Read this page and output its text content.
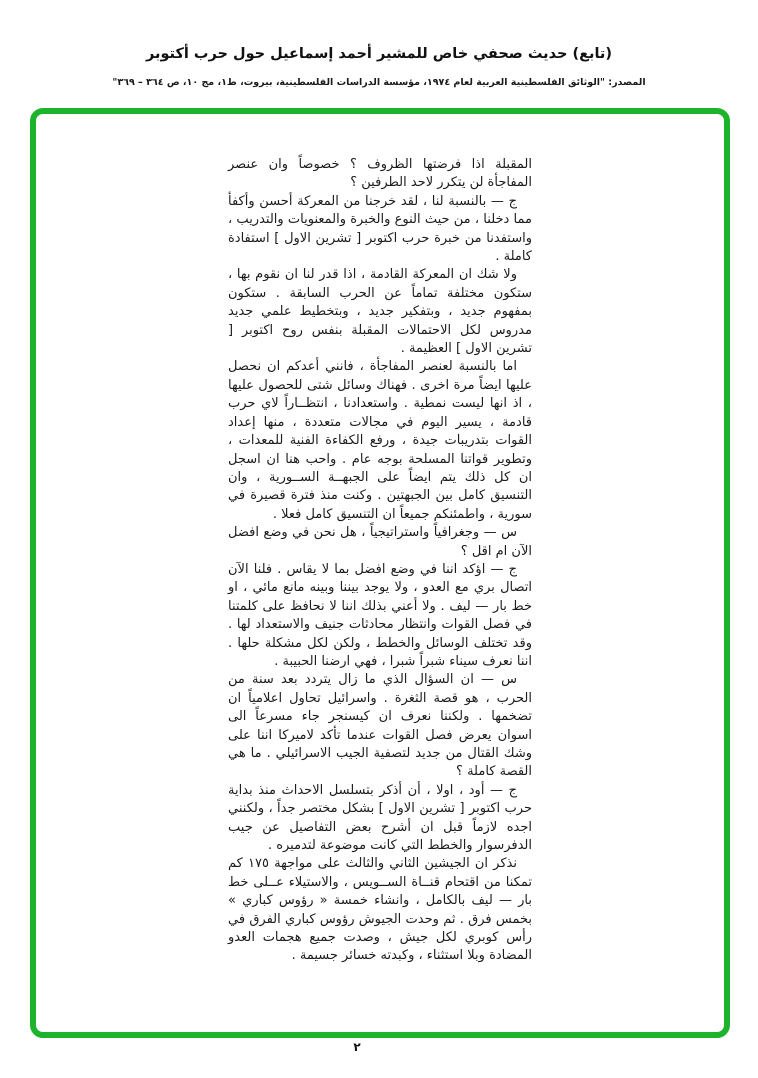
(تابع) حديث صحفي خاص للمشير أحمد إسماعيل حول حرب أكتوبر
المصدر: "الوثائق الفلسطينية العربية لعام ١٩٧٤، مؤسسة الدراسات الفلسطينية، بيروت، ط١، مج ١٠، ص ٣٦٤ – ٣٦٩"

المقبلة اذا فرضتها الظروف ؟ خصوصاً وان عنصر المفاجأة لن يتكرر لاحد الطرفين ؟

ج — بالنسبة لنا ، لقد خرجنا من المعركة أحسن وأكفأ مما دخلنا ، من حيث النوع والخبرة والمعنويات والتدريب ، واستفدنا من خبرة حرب اكتوبر [ تشرين الاول ] استفادة كاملة .

ولا شك ان المعركة القادمة ، اذا قدر لنا ان نقوم بها ، ستكون مختلفة تماماً عن الحرب السابقة . ستكون بمفهوم جديد ، وبتفكير جديد ، وبتخطيط علمي جديد مدروس لكل الاحتمالات المقبلة بنفس روح اكتوبر [ تشرين الاول ] العظيمة .

اما بالنسبة لعنصر المفاجأة ، فانني أعدكم ان نحصل عليها ايضاً مرة اخرى . فهناك وسائل شتى للحصول عليها ، اذ انها ليست نمطية . واستعدادنا ، انتظــاراً لاي حرب قادمة ، يسير اليوم في مجالات متعددة ، منها إعداد القوات بتدريبات جيدة ، ورفع الكفاءة الفنية للمعدات ، وتطوير قواتنا المسلحة بوجه عام . واحب هنا ان اسجل ان كل ذلك يتم ايضاً على الجبهــة الســورية ، وان التنسيق كامل بين الجبهتين . وكنت منذ فترة قصيرة في سورية ، واطمئنكم جميعاً ان التنسيق كامل فعلا .

س — وجغرافياً واستراتيجياً ، هل نحن في وضع افضل الآن ام اقل ؟

ج — اؤكد اننا في وضع افضل بما لا يقاس . فلنا الآن اتصال بري مع العدو ، ولا يوجد بيننا وبينه مانع مائي ، او خط بار — ليف . ولا أعني بذلك اننا لا نحافظ على كلمتنا في فصل القوات وانتظار محادثات جنيف والاستعداد لها . وقد تختلف الوسائل والخطط ، ولكن لكل مشكلة حلها . اننا نعرف سيناء شبراً شبرا ، فهي ارضنا الحبيبة .

س — ان السؤال الذي ما زال يتردد بعد سنة من الحرب ، هو قصة الثغرة . واسرائيل تحاول اعلامياً ان تضخمها . ولكننا نعرف ان كيسنجر جاء مسرعاً الى اسوان يعرض فصل القوات عندما تأكد لاميركا اننا على وشك القتال من جديد لتصفية الجيب الاسرائيلي . ما هي القصة كاملة ؟

ج — أود ، اولا ، أن أذكر بتسلسل الاحداث منذ بداية حرب اكتوبر [ تشرين الاول ] بشكل مختصر جداً ، ولكنني اجده لازماً قبل ان أشرح بعض التفاصيل عن جيب الدفرسوار والخطط التي كانت موضوعة لتدميره .

نذكر ان الجيشين الثاني والثالث على مواجهة ١٧٥ كم تمكنا من اقتحام قنــاة الســويس ، والاستيلاء عــلى خط بار — ليف بالكامل ، وانشاء خمسة « رؤوس كباري » بخمس فرق . ثم وحدت الجيوش رؤوس كباري الفرق في رأس كوبري لكل جيش ، وصدت جميع هجمات العدو المضادة وبلا استثناء ، وكبدته خسائر جسيمة .

٢
